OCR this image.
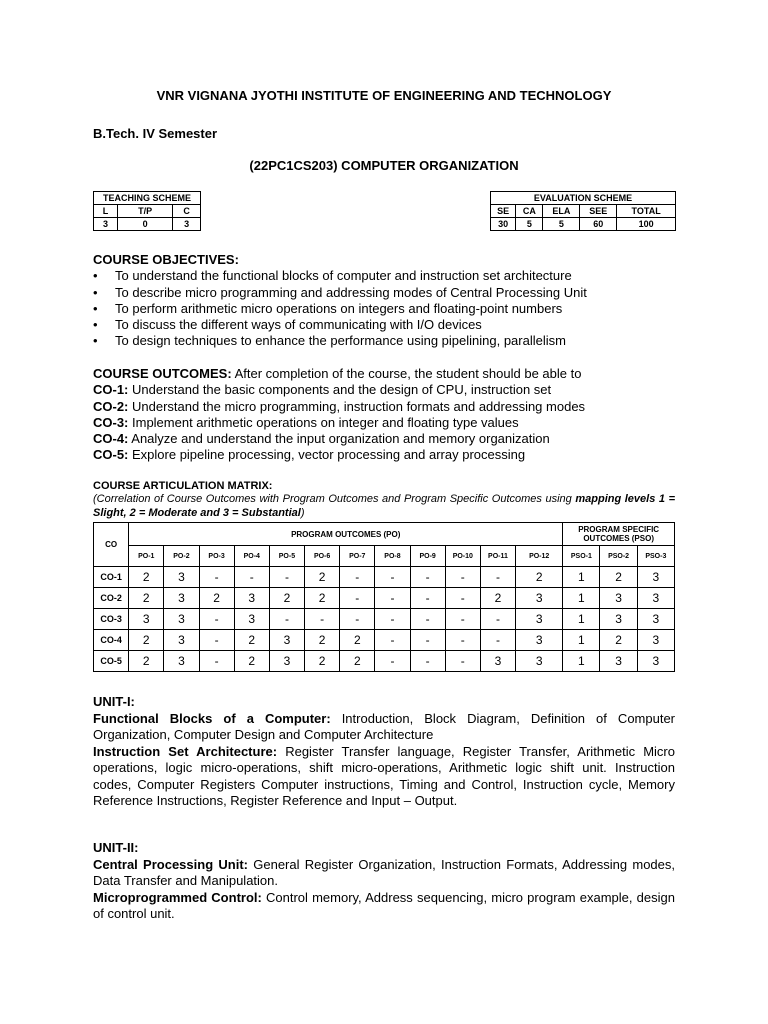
VNR VIGNANA JYOTHI INSTITUTE OF ENGINEERING AND TECHNOLOGY
B.Tech. IV Semester
(22PC1CS203) COMPUTER ORGANIZATION
TEACHING SCHEME		
L	T/P	C
3	0	3
EVALUATION SCHEME				
SE	CA	ELA	SEE	TOTAL
30	5	5	60	100
COURSE OBJECTIVES:
• To understand the functional blocks of computer and instruction set architecture
• To describe micro programming and addressing modes of Central Processing Unit
• To perform arithmetic micro operations on integers and floating-point numbers
• To discuss the different ways of communicating with I/O devices
• To design techniques to enhance the performance using pipelining, parallelism
COURSE OUTCOMES: After completion of the course, the student should be able to
CO-1: Understand the basic components and the design of CPU, instruction set
CO-2: Understand the micro programming, instruction formats and addressing modes
CO-3: Implement arithmetic operations on integer and floating type values
CO-4: Analyze and understand the input organization and memory organization
CO-5: Explore pipeline processing, vector processing and array processing
COURSE ARTICULATION MATRIX:
(Correlation of Course Outcomes with Program Outcomes and Program Specific Outcomes using mapping levels 1 = Slight, 2 = Moderate and 3 = Substantial)
CO	PROGRAM OUTCOMES (PO)												PROGRAM SPECIFIC OUTCOMES (PSO)		
	PO-1	PO-2	PO-3	PO-4	PO-5	PO-6	PO-7	PO-8	PO-9	PO-10	PO-11	PO-12	PSO-1	PSO-2	PSO-3
CO-1	2	3	-	-	-	2	-	-	-	-	-	2	1	2	3
CO-2	2	3	2	3	2	2	-	-	-	-	2	3	1	3	3
CO-3	3	3	-	3	-	-	-	-	-	-	-	3	1	3	3
CO-4	2	3	-	2	3	2	2	-	-	-	-	3	1	2	3
CO-5	2	3	-	2	3	2	2	-	-	-	3	3	1	3	3
UNIT-I:
Functional Blocks of a Computer: Introduction, Block Diagram, Definition of Computer Organization, Computer Design and Computer Architecture
Instruction Set Architecture: Register Transfer language, Register Transfer, Arithmetic Micro operations, logic micro-operations, shift micro-operations, Arithmetic logic shift unit. Instruction codes, Computer Registers Computer instructions, Timing and Control, Instruction cycle, Memory Reference Instructions, Register Reference and Input – Output.
UNIT-II:
Central Processing Unit: General Register Organization, Instruction Formats, Addressing modes, Data Transfer and Manipulation.
Microprogrammed Control: Control memory, Address sequencing, micro program example, design of control unit.
